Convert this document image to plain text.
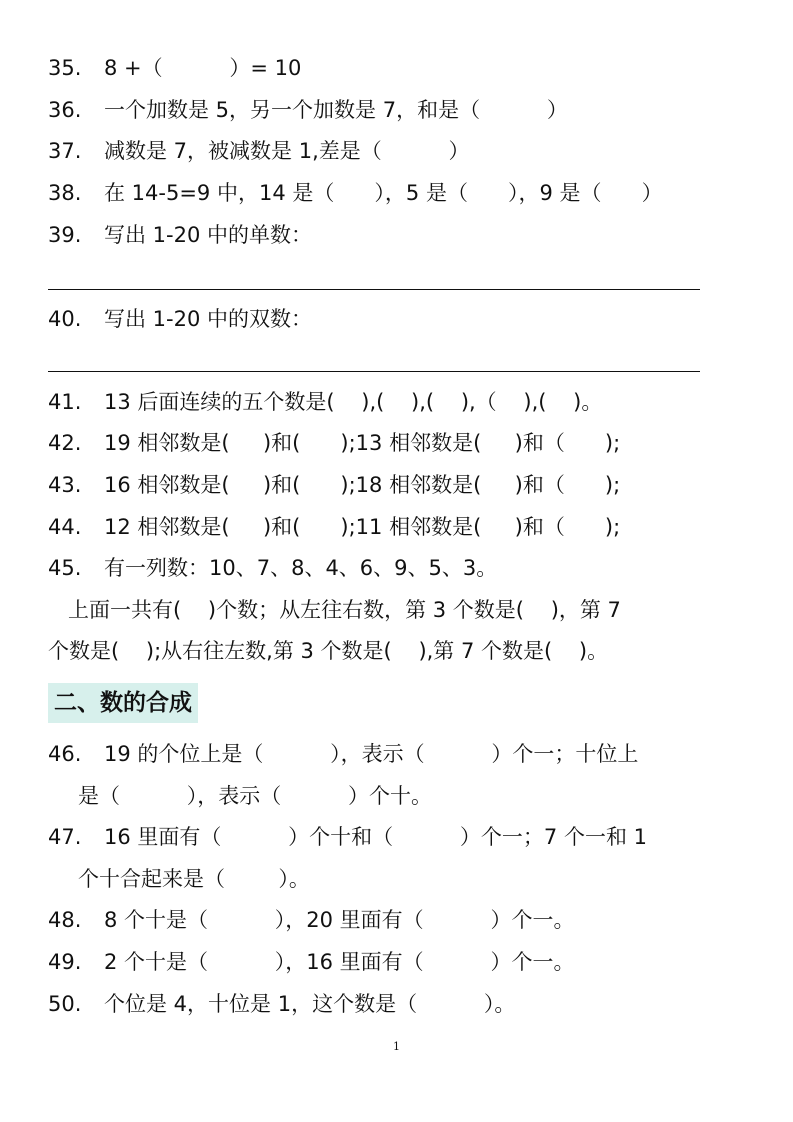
35. 8 +（          ）= 10

36. 一个加数是 5，另一个加数是 7，和是（          ）

37. 减数是 7，被减数是 1,差是（          ）

38. 在 14-5=9 中，14 是（      ），5 是（      ），9 是（      ）

39. 写出 1-20 中的单数：

40. 写出 1-20 中的双数：

41. 13 后面连续的五个数是(    ),(    ),(    ),（    ),(    )。

42. 19 相邻数是(     )和(      );13 相邻数是(     )和（      );

43. 16 相邻数是(     )和(      );18 相邻数是(     )和（      );

44. 12 相邻数是(     )和(      );11 相邻数是(     )和（      );

45. 有一列数：10、7、8、4、6、9、5、3。

上面一共有(    )个数；从左往右数，第 3 个数是(    )，第 7

个数是(    );从右往左数,第 3 个数是(    ),第 7 个数是(    )。

二、数的合成

46. 19 的个位上是（          ），表示（          ）个一；十位上

是（          ），表示（          ）个十。

47. 16 里面有（          ）个十和（          ）个一；7 个一和 1

个十合起来是（        ）。

48. 8 个十是（          ），20 里面有（          ）个一。

49. 2 个十是（          ），16 里面有（          ）个一。

50. 个位是 4，十位是 1，这个数是（          ）。

1
